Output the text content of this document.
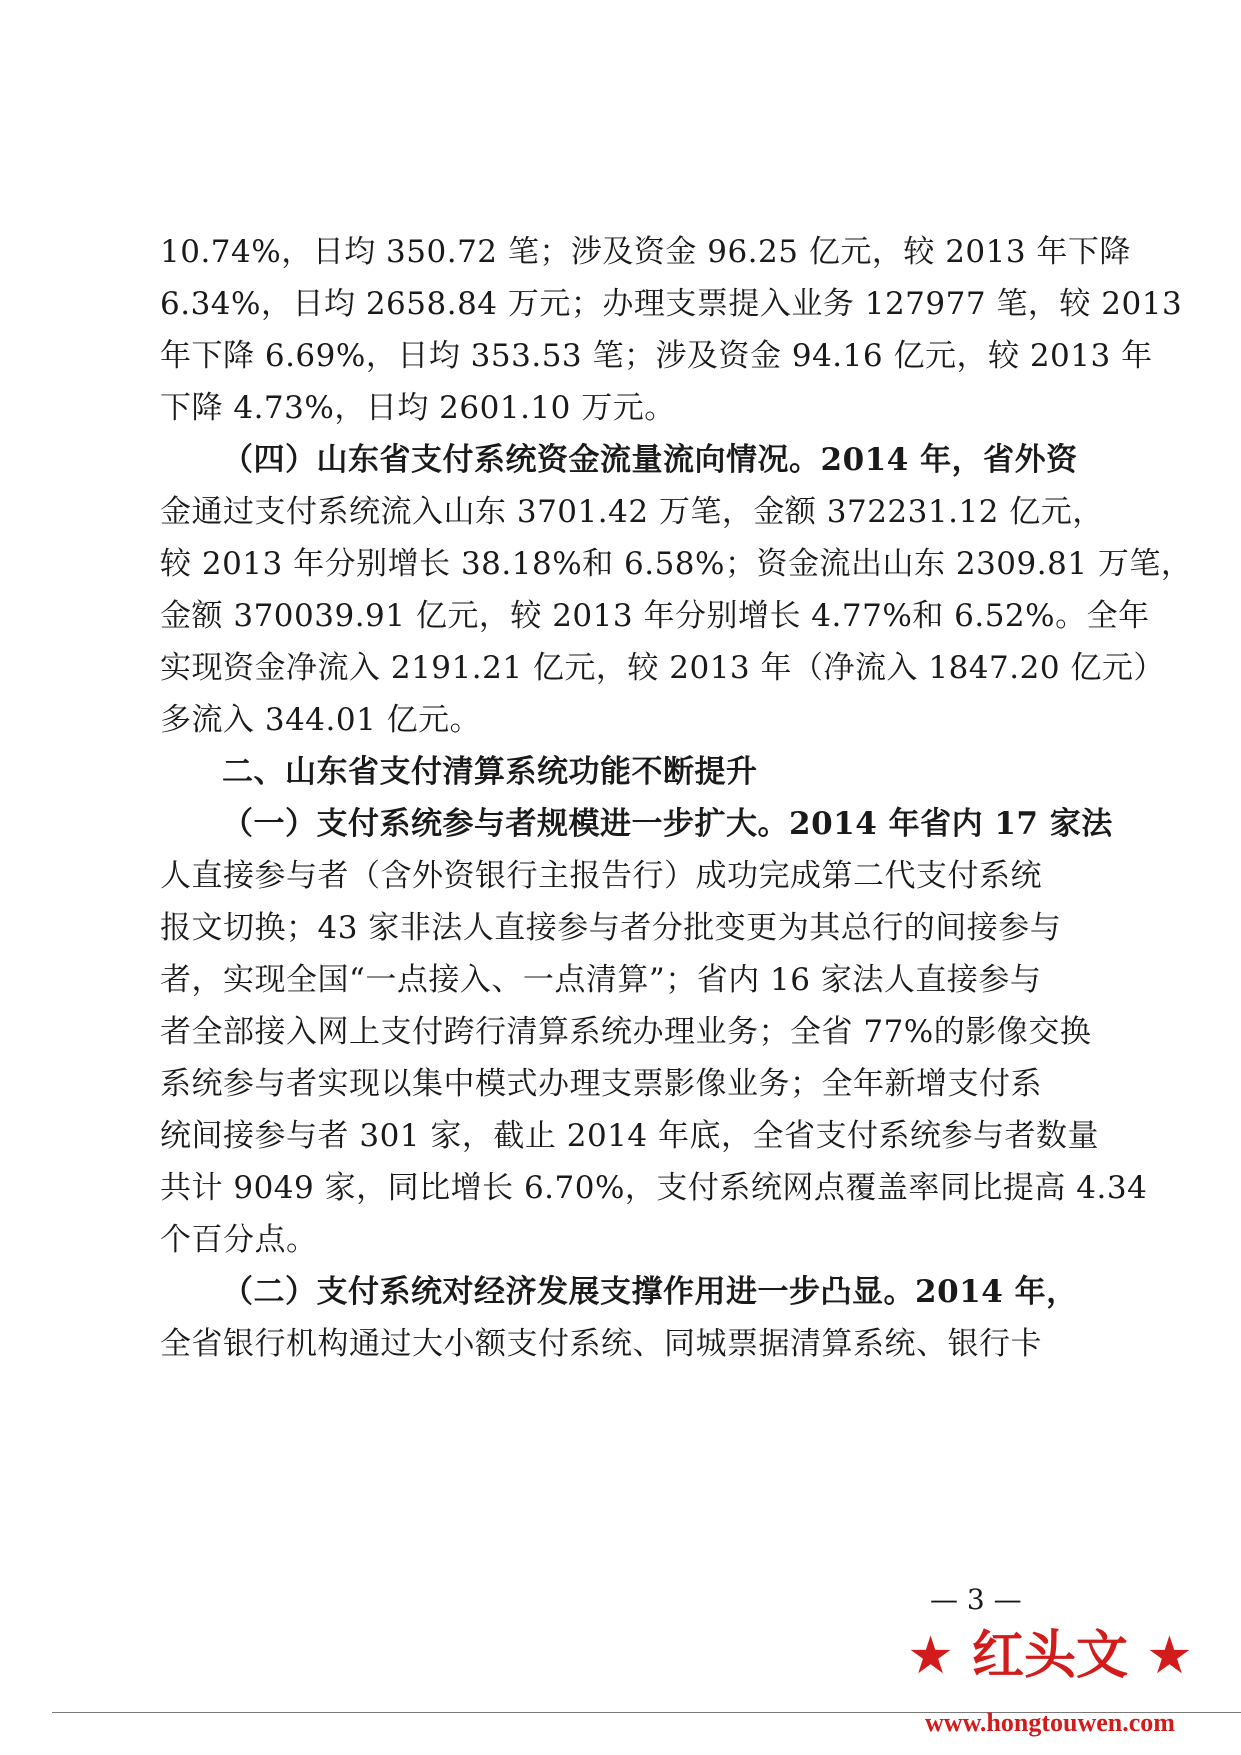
10.74%，日均 350.72 笔；涉及资金 96.25 亿元，较 2013 年下降
6.34%，日均 2658.84 万元；办理支票提入业务 127977 笔，较 2013
年下降 6.69%，日均 353.53 笔；涉及资金 94.16 亿元，较 2013 年
下降 4.73%，日均 2601.10 万元。
（四）山东省支付系统资金流量流向情况。2014 年，省外资
金通过支付系统流入山东 3701.42 万笔，金额 372231.12 亿元，
较 2013 年分别增长 38.18%和 6.58%；资金流出山东 2309.81 万笔，
金额 370039.91 亿元，较 2013 年分别增长 4.77%和 6.52%。全年
实现资金净流入 2191.21 亿元，较 2013 年（净流入 1847.20 亿元）
多流入 344.01 亿元。
二、山东省支付清算系统功能不断提升
（一）支付系统参与者规模进一步扩大。2014 年省内 17 家法
人直接参与者（含外资银行主报告行）成功完成第二代支付系统
报文切换；43 家非法人直接参与者分批变更为其总行的间接参与
者，实现全国“一点接入、一点清算”；省内 16 家法人直接参与
者全部接入网上支付跨行清算系统办理业务；全省 77%的影像交换
系统参与者实现以集中模式办理支票影像业务；全年新增支付系
统间接参与者 301 家，截止 2014 年底，全省支付系统参与者数量
共计 9049 家，同比增长 6.70%，支付系统网点覆盖率同比提高 4.34
个百分点。
（二）支付系统对经济发展支撑作用进一步凸显。2014 年，
全省银行机构通过大小额支付系统、同城票据清算系统、银行卡
— 3 —
★ 红头文 ★
www.hongtouwen.com
